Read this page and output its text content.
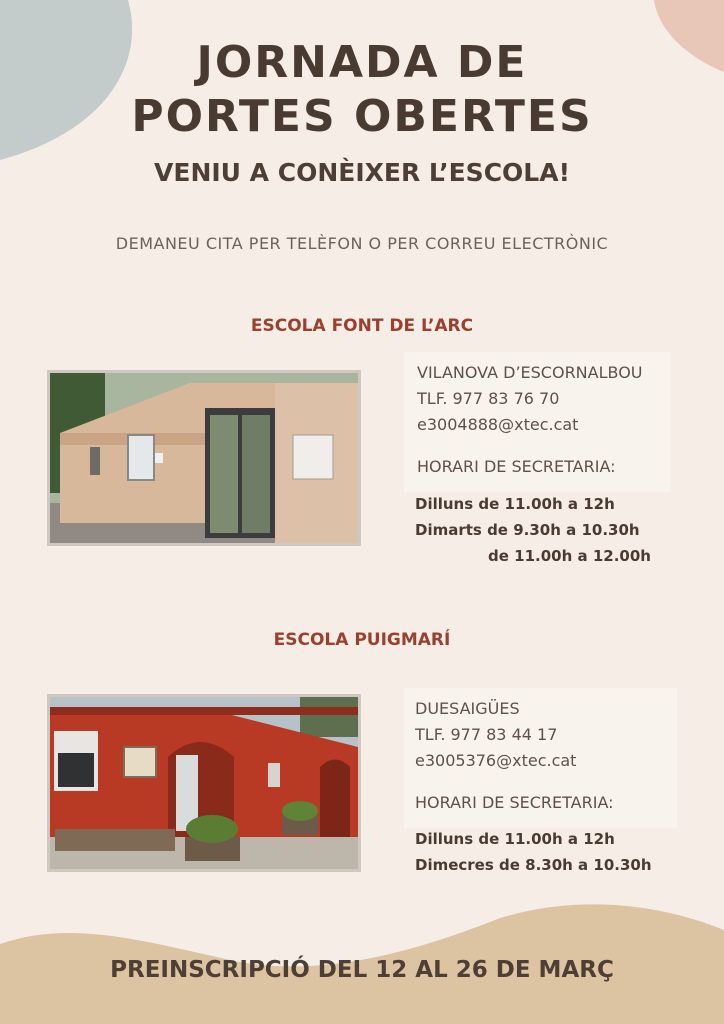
JORNADA DE
PORTES OBERTES

VENIU A CONÈIXER L’ESCOLA!

DEMANEU CITA PER TELÈFON O PER CORREU ELECTRÒNIC

ESCOLA FONT DE L’ARC

VILANOVA D’ESCORNALBOU

TLF. 977 83 76 70

e3004888@xtec.cat

HORARI DE SECRETARIA:

Dilluns de 11.00h a 12h

Dimarts de 9.30h a 10.30h

de 11.00h a 12.00h

ESCOLA PUIGMARÍ

DUESAIGÜES

TLF. 977 83 44 17

e3005376@xtec.cat

HORARI DE SECRETARIA:

Dilluns de 11.00h a 12h

Dimecres de 8.30h a 10.30h

PREINSCRIPCIÓ DEL 12 AL 26 DE MARÇ
